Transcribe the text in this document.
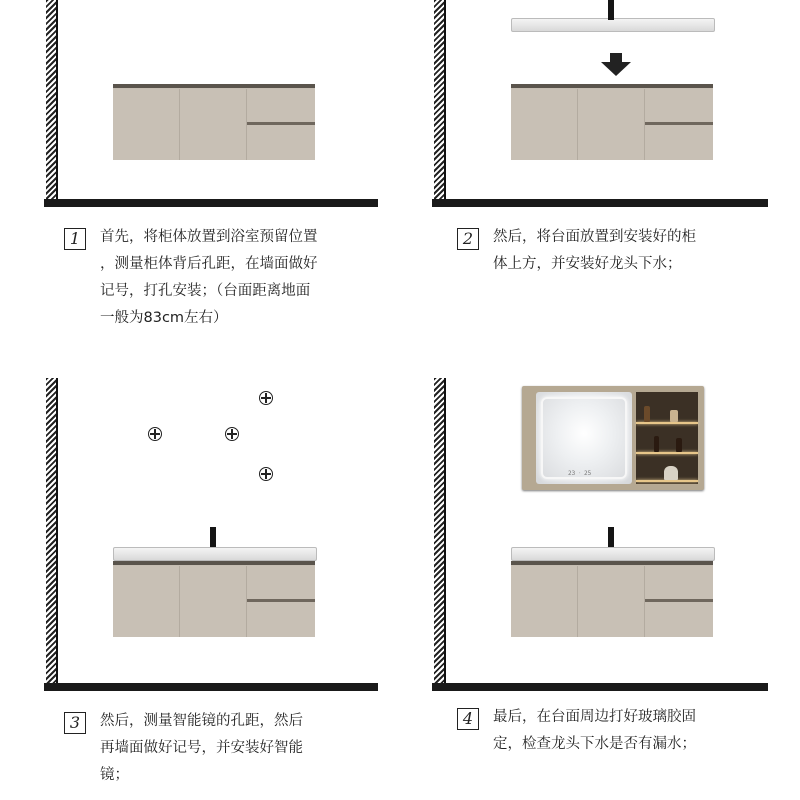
23 ᐧ 25
1	首先，将柜体放置到浴室预留位置
，测量柜体背后孔距，在墙面做好
记号，打孔安装；（台面距离地面
一般为83cm左右）
2	然后，将台面放置到安装好的柜
体上方，并安装好龙头下水；
3	然后，测量智能镜的孔距，然后
再墙面做好记号，并安装好智能
镜；
4	最后，在台面周边打好玻璃胶固
定，检查龙头下水是否有漏水；
